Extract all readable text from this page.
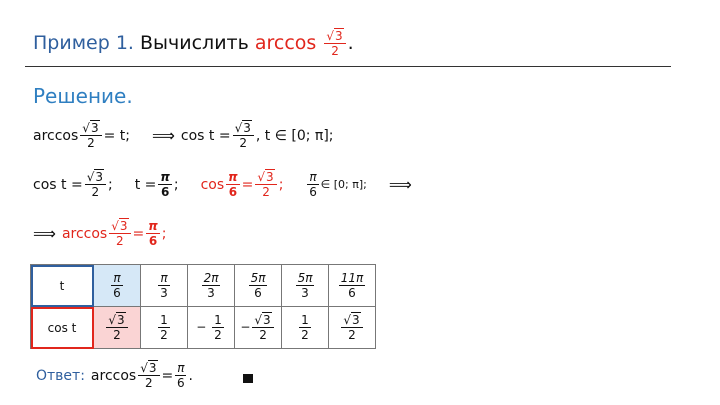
Пример 1. Вычислить $\arccos \frac{√3}{2}$ .
Решение.
$\arccos \frac{√3}{2} = t$; ⟹ $\cos t = \frac{√3}{2}$ , t ∈ [0; π];
$\cos t = \frac{√3}{2}$ ; $t = \frac{\pi}{6}$ ; $\cos \frac{\pi}{6} = \frac{√3}{2}$ ; $\frac{\pi}{6}$ ∈ [0; π]; ⟹
⟹ $\arccos \frac{√3}{2} = \frac{\pi}{6}$ ;
t	$\frac{\pi}{6}$	$\frac{\pi}{3}$	$\frac{2\pi}{3}$	$\frac{5\pi}{6}$	$\frac{5\pi}{3}$	$\frac{11\pi}{6}$

cos t	$\frac{√3}{2}$	$\frac{1}{2}$	− $\frac{1}{2}$	− $\frac{√3}{2}$	$\frac{1}{2}$	$\frac{√3}{2}$
Ответ: $\arccos \frac{√3}{2} = \frac{\pi}{6}$ .
